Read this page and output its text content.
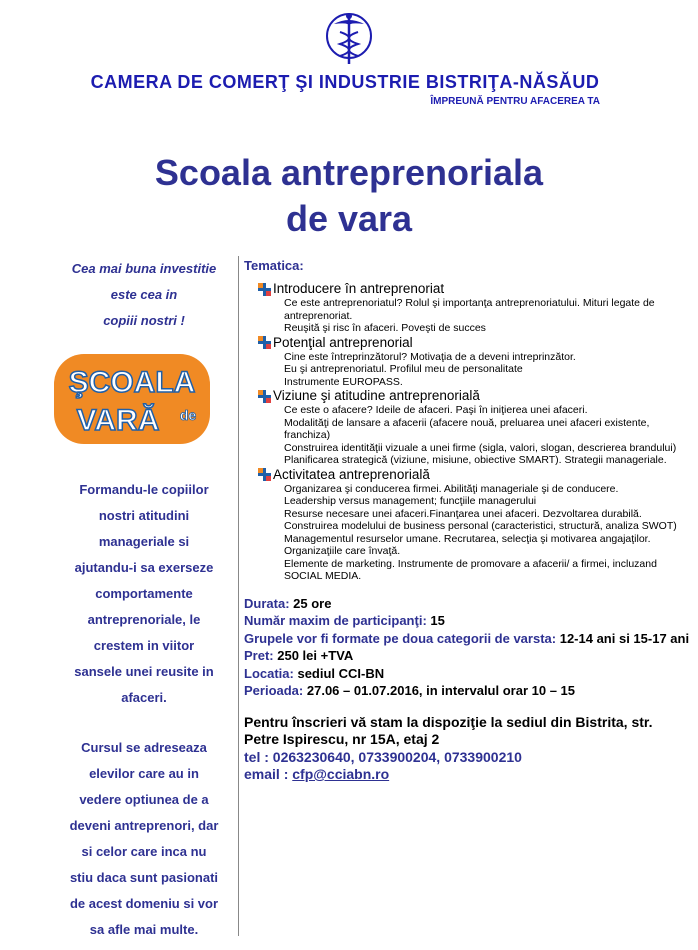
CAMERA DE COMERŢ ŞI INDUSTRIE BISTRIŢA-NĂSĂUD
ÎMPREUNĂ PENTRU AFACEREA TA
Scoala antreprenoriala
de vara
Cea mai buna investitie
este cea in
copiii nostri !
ŞCOALA
VARĂ de
Formandu-le copiilor
nostri atitudini
manageriale si
ajutandu-i sa exerseze
comportamente
antreprenoriale, le
crestem in viitor
sansele unei reusite in
afaceri.
Cursul se adreseaza
elevilor care au in
vedere optiunea de a
deveni antreprenori, dar
si celor care inca nu
stiu daca sunt pasionati
de acest domeniu si vor
sa afle mai multe.
Tematica:
Introducere în antreprenoriat
Ce este antreprenoriatul? Rolul şi importanţa antreprenoriatului. Mituri legate de antreprenoriat.
Reuşită şi risc în afaceri. Poveşti de succes
Potenţial antreprenorial
Cine este întreprinzătorul? Motivaţia de a deveni intreprinzător.
Eu şi antreprenoriatul. Profilul meu de personalitate
Instrumente EUROPASS.
Viziune şi atitudine antreprenorială
Ce este o afacere? Ideile de afaceri. Paşi în iniţierea unei afaceri.
Modalităţi de lansare a afacerii (afacere nouă, preluarea unei afaceri existente, franchiza)
Construirea identităţii vizuale a unei firme (sigla, valori, slogan, descrierea brandului)
Planificarea strategică (viziune, misiune, obiective SMART). Strategii manageriale.
Activitatea antreprenorială
Organizarea şi conducerea firmei. Abilităţi manageriale şi de conducere.
Leadership versus management; funcţiile managerului
Resurse necesare unei afaceri.Finanţarea unei afaceri. Dezvoltarea durabilă.
Construirea modelului de business personal (caracteristici, structură, analiza SWOT)
Managementul resurselor umane. Recrutarea, selecţia şi motivarea angajaţilor. Organizaţiile care învaţă.
Elemente de marketing. Instrumente de promovare a afacerii/ a firmei, incluzand SOCIAL MEDIA.
Durata: 25 ore
Număr maxim de participanţi: 15
Grupele vor fi formate pe doua categorii de varsta: 12-14 ani si 15-17 ani
Pret: 250 lei +TVA
Locatia: sediul CCI-BN
Perioada: 27.06 – 01.07.2016, in intervalul orar 10 – 15
Pentru înscrieri vă stam la dispoziţie la sediul din Bistrita, str. Petre Ispirescu, nr 15A, etaj 2
tel : 0263230640, 0733900204, 0733900210
email : cfp@cciabn.ro
